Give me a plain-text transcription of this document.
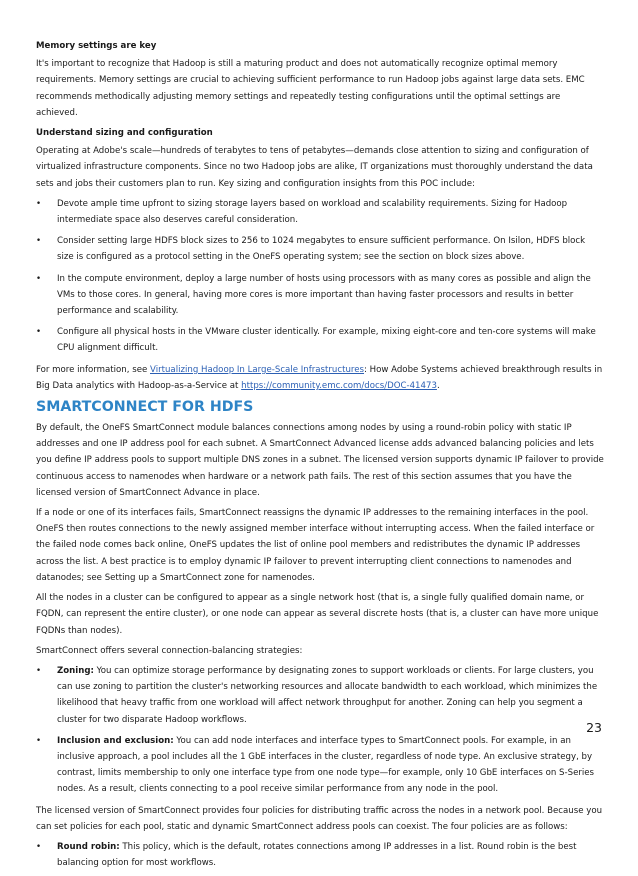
Memory settings are key

It's important to recognize that Hadoop is still a maturing product and does not automatically recognize optimal memory requirements. Memory settings are crucial to achieving sufficient performance to run Hadoop jobs against large data sets. EMC recommends methodically adjusting memory settings and repeatedly testing configurations until the optimal settings are achieved.

Understand sizing and configuration

Operating at Adobe's scale—hundreds of terabytes to tens of petabytes—demands close attention to sizing and configuration of virtualized infrastructure components. Since no two Hadoop jobs are alike, IT organizations must thoroughly understand the data sets and jobs their customers plan to run. Key sizing and configuration insights from this POC include:

• Devote ample time upfront to sizing storage layers based on workload and scalability requirements. Sizing for Hadoop intermediate space also deserves careful consideration.
• Consider setting large HDFS block sizes to 256 to 1024 megabytes to ensure sufficient performance. On Isilon, HDFS block size is configured as a protocol setting in the OneFS operating system; see the section on block sizes above.
• In the compute environment, deploy a large number of hosts using processors with as many cores as possible and align the VMs to those cores. In general, having more cores is more important than having faster processors and results in better performance and scalability.
• Configure all physical hosts in the VMware cluster identically. For example, mixing eight-core and ten-core systems will make CPU alignment difficult.

For more information, see Virtualizing Hadoop In Large-Scale Infrastructures: How Adobe Systems achieved breakthrough results in Big Data analytics with Hadoop-as-a-Service at https://community.emc.com/docs/DOC-41473.

SMARTCONNECT FOR HDFS

By default, the OneFS SmartConnect module balances connections among nodes by using a round-robin policy with static IP addresses and one IP address pool for each subnet. A SmartConnect Advanced license adds advanced balancing policies and lets you define IP address pools to support multiple DNS zones in a subnet. The licensed version supports dynamic IP failover to provide continuous access to namenodes when hardware or a network path fails. The rest of this section assumes that you have the licensed version of SmartConnect Advance in place.

If a node or one of its interfaces fails, SmartConnect reassigns the dynamic IP addresses to the remaining interfaces in the pool. OneFS then routes connections to the newly assigned member interface without interrupting access. When the failed interface or the failed node comes back online, OneFS updates the list of online pool members and redistributes the dynamic IP addresses across the list. A best practice is to employ dynamic IP failover to prevent interrupting client connections to namenodes and datanodes; see Setting up a SmartConnect zone for namenodes.

All the nodes in a cluster can be configured to appear as a single network host (that is, a single fully qualified domain name, or FQDN, can represent the entire cluster), or one node can appear as several discrete hosts (that is, a cluster can have more unique FQDNs than nodes).

SmartConnect offers several connection-balancing strategies:

• Zoning: You can optimize storage performance by designating zones to support workloads or clients. For large clusters, you can use zoning to partition the cluster's networking resources and allocate bandwidth to each workload, which minimizes the likelihood that heavy traffic from one workload will affect network throughput for another. Zoning can help you segment a cluster for two disparate Hadoop workflows.
• Inclusion and exclusion: You can add node interfaces and interface types to SmartConnect pools. For example, in an inclusive approach, a pool includes all the 1 GbE interfaces in the cluster, regardless of node type. An exclusive strategy, by contrast, limits membership to only one interface type from one node type—for example, only 10 GbE interfaces on S-Series nodes. As a result, clients connecting to a pool receive similar performance from any node in the pool.

The licensed version of SmartConnect provides four policies for distributing traffic across the nodes in a network pool. Because you can set policies for each pool, static and dynamic SmartConnect address pools can coexist. The four policies are as follows:

• Round robin: This policy, which is the default, rotates connections among IP addresses in a list. Round robin is the best balancing option for most workflows.
23
